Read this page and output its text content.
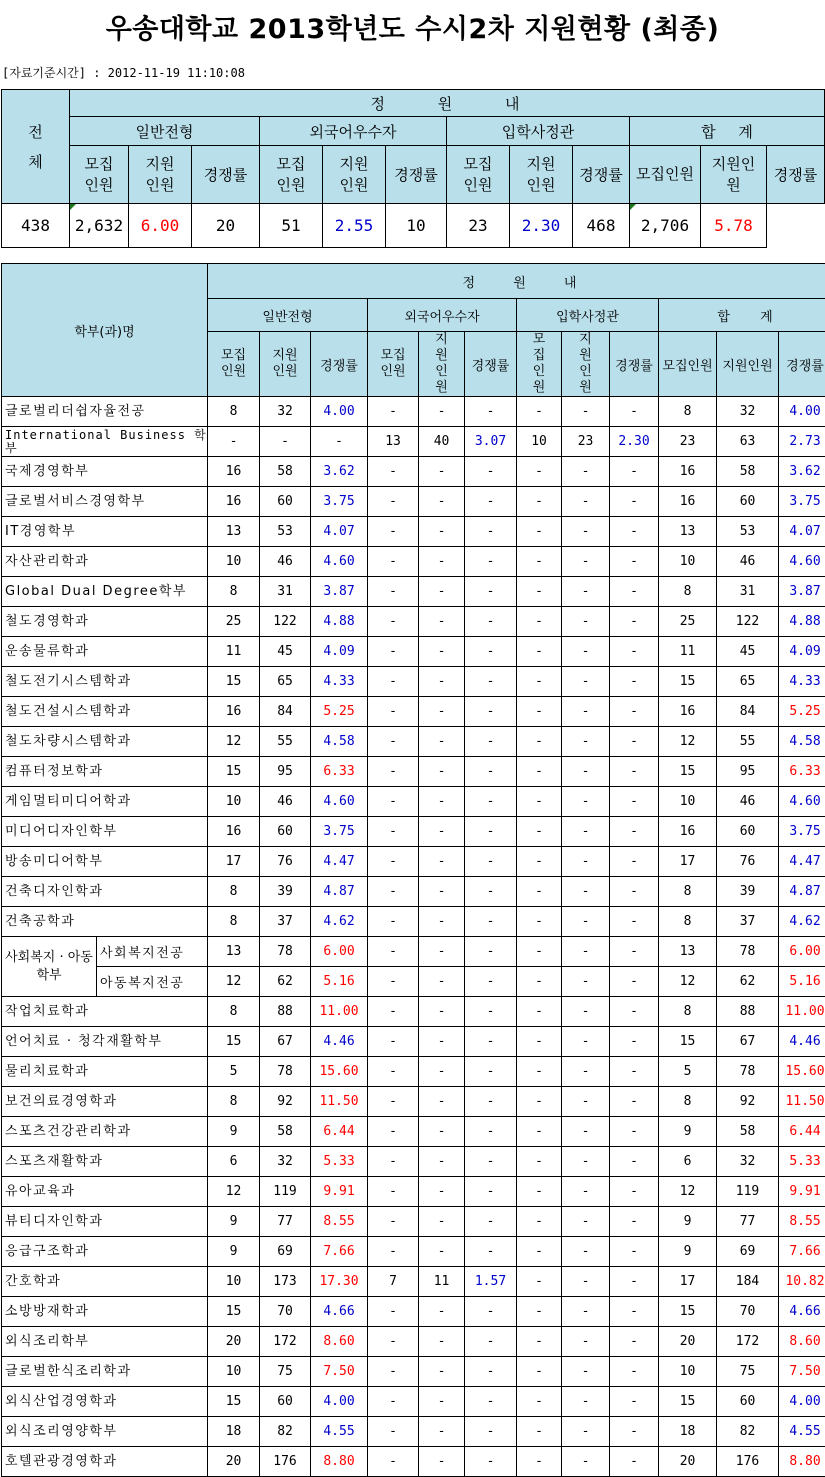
우송대학교 2013학년도 수시2차 지원현황 (최종)
[자료기준시간] : 2012-11-19 11:10:08
전 체	정 원 내											
	일반전형			외국어우수자			입학사정관			합 계		
	모집 인원	지원 인원	경쟁률	모집 인원	지원 인원	경쟁률	모집 인원	지원 인원	경쟁률	모집인원	지원인원	경쟁률
438	2,632	6.00	20	51	2.55	10	23	2.30	468	2,706	5.78	
학부(과)명		정 원 내											
		일반전형			외국어우수자			입학사정관			합 계		
		모집 인원	지원 인원	경쟁률	모집 인원	지원 인원	경쟁률	모집 인원	지원 인원	경쟁률	모집인원	지원인원	경쟁률
글로벌리더쉽자율전공		8	32	4.00	-	-	-	-	-	-	8	32	4.00
International Business 학부		-	-	-	13	40	3.07	10	23	2.30	23	63	2.73
국제경영학부		16	58	3.62	-	-	-	-	-	-	16	58	3.62
글로벌서비스경영학부		16	60	3.75	-	-	-	-	-	-	16	60	3.75
IT경영학부		13	53	4.07	-	-	-	-	-	-	13	53	4.07
자산관리학과		10	46	4.60	-	-	-	-	-	-	10	46	4.60
Global Dual Degree학부		8	31	3.87	-	-	-	-	-	-	8	31	3.87
철도경영학과		25	122	4.88	-	-	-	-	-	-	25	122	4.88
운송물류학과		11	45	4.09	-	-	-	-	-	-	11	45	4.09
철도전기시스템학과		15	65	4.33	-	-	-	-	-	-	15	65	4.33
철도건설시스템학과		16	84	5.25	-	-	-	-	-	-	16	84	5.25
철도차량시스템학과		12	55	4.58	-	-	-	-	-	-	12	55	4.58
컴퓨터정보학과		15	95	6.33	-	-	-	-	-	-	15	95	6.33
게임멀티미디어학과		10	46	4.60	-	-	-	-	-	-	10	46	4.60
미디어디자인학부		16	60	3.75	-	-	-	-	-	-	16	60	3.75
방송미디어학부		17	76	4.47	-	-	-	-	-	-	17	76	4.47
건축디자인학과		8	39	4.87	-	-	-	-	-	-	8	39	4.87
건축공학과		8	37	4.62	-	-	-	-	-	-	8	37	4.62
사회복지 · 아동학부	사회복지전공	13	78	6.00	-	-	-	-	-	-	13	78	6.00
	아동복지전공	12	62	5.16	-	-	-	-	-	-	12	62	5.16
작업치료학과		8	88	11.00	-	-	-	-	-	-	8	88	11.00
언어치료 · 청각재활학부		15	67	4.46	-	-	-	-	-	-	15	67	4.46
물리치료학과		5	78	15.60	-	-	-	-	-	-	5	78	15.60
보건의료경영학과		8	92	11.50	-	-	-	-	-	-	8	92	11.50
스포츠건강관리학과		9	58	6.44	-	-	-	-	-	-	9	58	6.44
스포츠재활학과		6	32	5.33	-	-	-	-	-	-	6	32	5.33
유아교육과		12	119	9.91	-	-	-	-	-	-	12	119	9.91
뷰티디자인학과		9	77	8.55	-	-	-	-	-	-	9	77	8.55
응급구조학과		9	69	7.66	-	-	-	-	-	-	9	69	7.66
간호학과		10	173	17.30	7	11	1.57	-	-	-	17	184	10.82
소방방재학과		15	70	4.66	-	-	-	-	-	-	15	70	4.66
외식조리학부		20	172	8.60	-	-	-	-	-	-	20	172	8.60
글로벌한식조리학과		10	75	7.50	-	-	-	-	-	-	10	75	7.50
외식산업경영학과		15	60	4.00	-	-	-	-	-	-	15	60	4.00
외식조리영양학부		18	82	4.55	-	-	-	-	-	-	18	82	4.55
호텔관광경영학과		20	176	8.80	-	-	-	-	-	-	20	176	8.80
